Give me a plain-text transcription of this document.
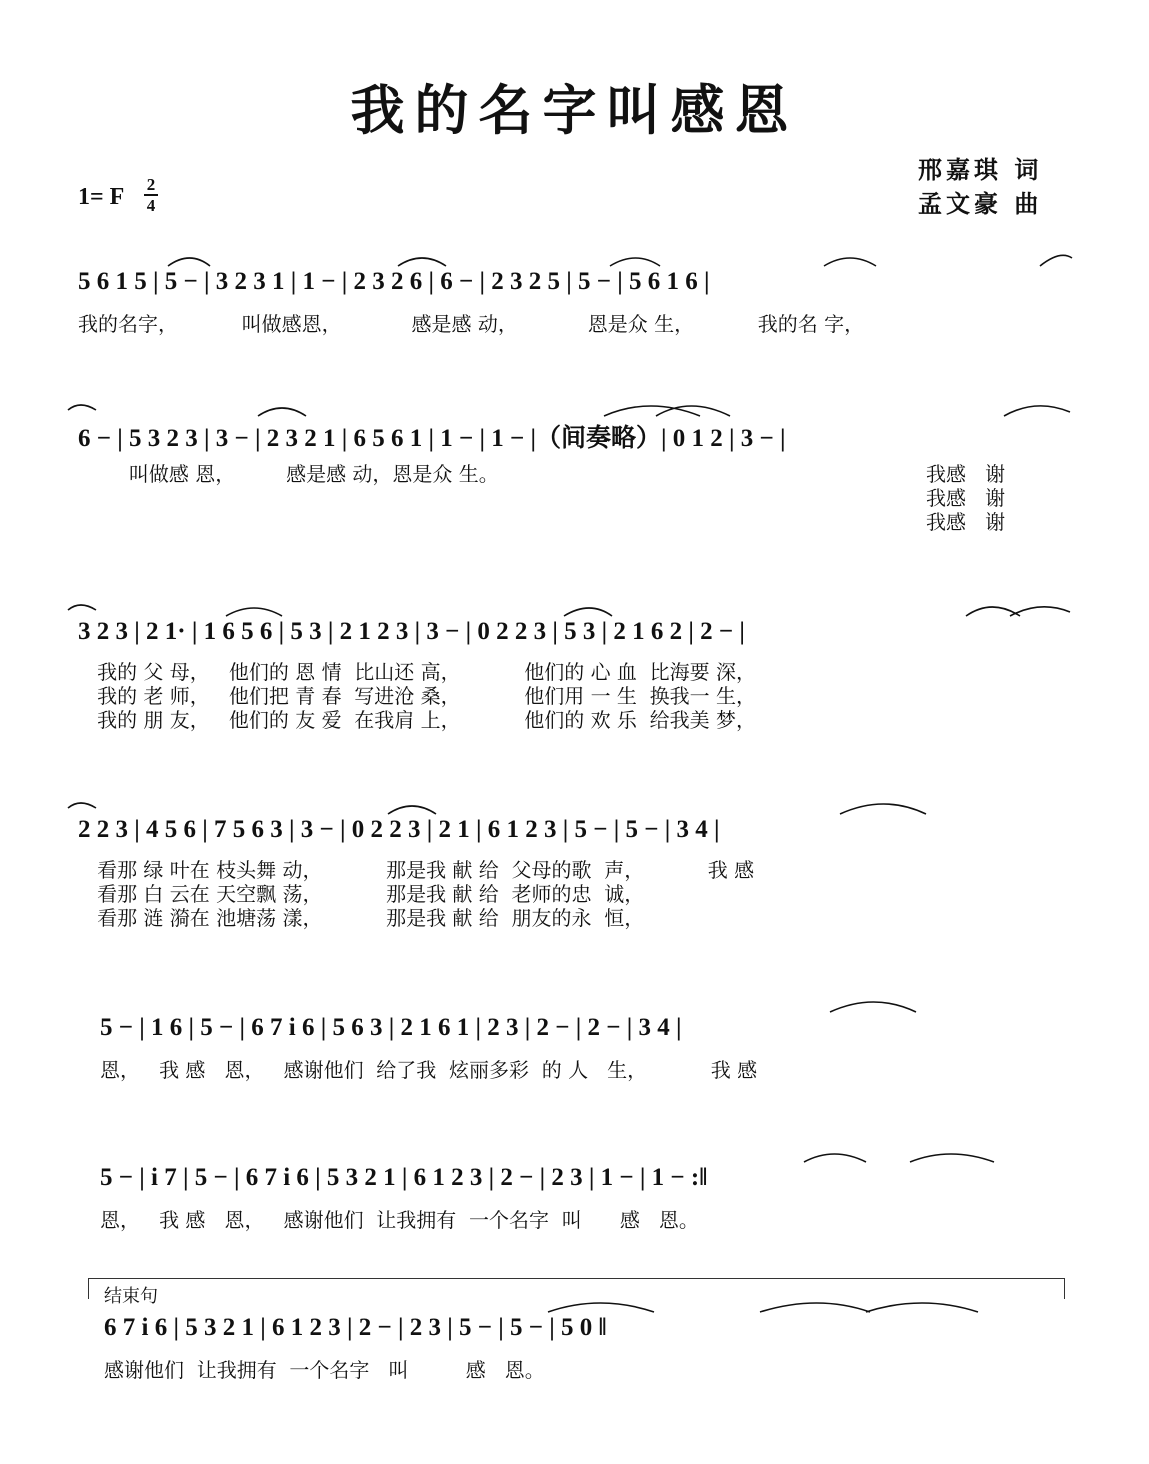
我的名字叫感恩
邢嘉琪 词
孟文豪 曲
1= F 2
4
5 6 1 5 | 5 − | 3 2 3 1 | 1 − | 2 3 2 6 | 6 − | 2 3 2 5 | 5 − | 5 6 1 6 |
我的名字，          叫做感恩，           感是感 动，           恩是众 生，          我的名 字，
6 − | 5 3 2 3 | 3 − | 2 3 2 1 | 6 5 6 1 | 1 − | 1 − |（间奏略）| 0 1 2 | 3 − |
叫做感 恩，        感是感 动，恩是众 生。	我感   谢
我感   谢
我感   谢
3 2 3 | 2 1· | 1 6 5 6 | 5 3 | 2 1 2 3 | 3 − | 0 2 2 3 | 5 3 | 2 1 6 2 | 2 − |
我的 父 母，   他们的 恩 情  比山还 高，          他们的 心 血  比海要 深，
我的 老 师，   他们把 青 春  写进沧 桑，          他们用 一 生  换我一 生，
我的 朋 友，   他们的 友 爱  在我肩 上，          他们的 欢 乐  给我美 梦，
2 2 3 | 4 5 6 | 7 5 6 3 | 3 − | 0 2 2 3 | 2 1 | 6 1 2 3 | 5 − | 5 − | 3 4 |
看那 绿 叶在 枝头舞 动，          那是我 献 给  父母的歌  声，          我 感
看那 白 云在 天空飘 荡，          那是我 献 给  老师的忠  诚，
看那 涟 漪在 池塘荡 漾，          那是我 献 给  朋友的永  恒，
5 − | 1 6 | 5 − | 6 7 i 6 | 5 6 3 | 2 1 6 1 | 2 3 | 2 − | 2 − | 3 4 |
恩，   我 感   恩，   感谢他们  给了我  炫丽多彩  的 人   生，          我 感
5 − | i 7 | 5 − | 6 7 i 6 | 5 3 2 1 | 6 1 2 3 | 2 − | 2 3 | 1 − | 1 − :‖
恩，   我 感   恩，   感谢他们  让我拥有  一个名字  叫      感   恩。
结束句
6 7 i 6 | 5 3 2 1 | 6 1 2 3 | 2 − | 2 3 | 5 − | 5 − | 5 0 ‖
感谢他们  让我拥有  一个名字   叫         感   恩。
